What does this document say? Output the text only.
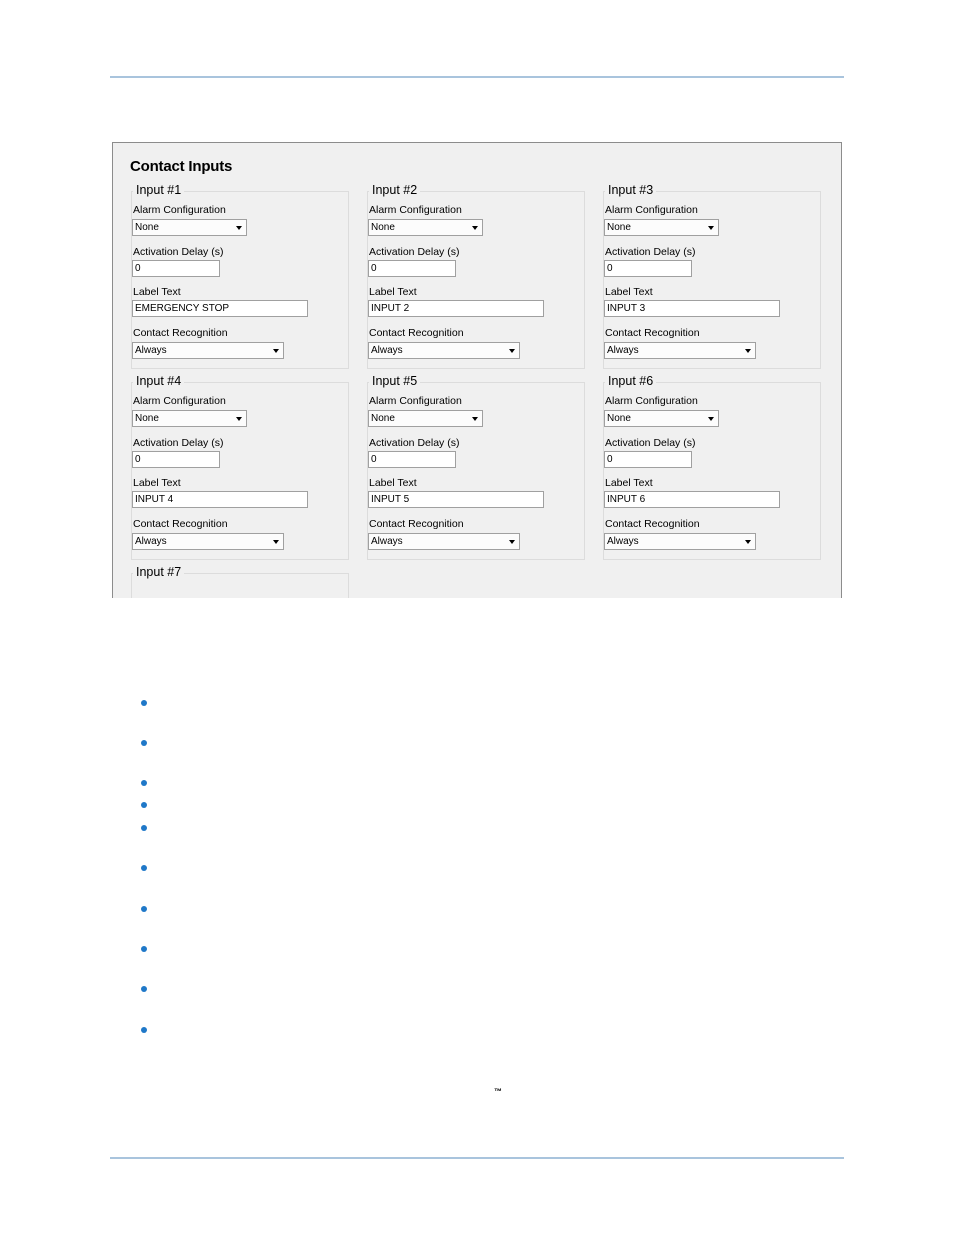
Contact Inputs
Input #1
Alarm Configuration
None
Activation Delay (s)
0
Label Text
EMERGENCY STOP
Contact Recognition
Always
Input #2
Alarm Configuration
None
Activation Delay (s)
0
Label Text
INPUT 2
Contact Recognition
Always
Input #3
Alarm Configuration
None
Activation Delay (s)
0
Label Text
INPUT 3
Contact Recognition
Always
Input #4
Alarm Configuration
None
Activation Delay (s)
0
Label Text
INPUT 4
Contact Recognition
Always
Input #5
Alarm Configuration
None
Activation Delay (s)
0
Label Text
INPUT 5
Contact Recognition
Always
Input #6
Alarm Configuration
None
Activation Delay (s)
0
Label Text
INPUT 6
Contact Recognition
Always
Input #7
™
